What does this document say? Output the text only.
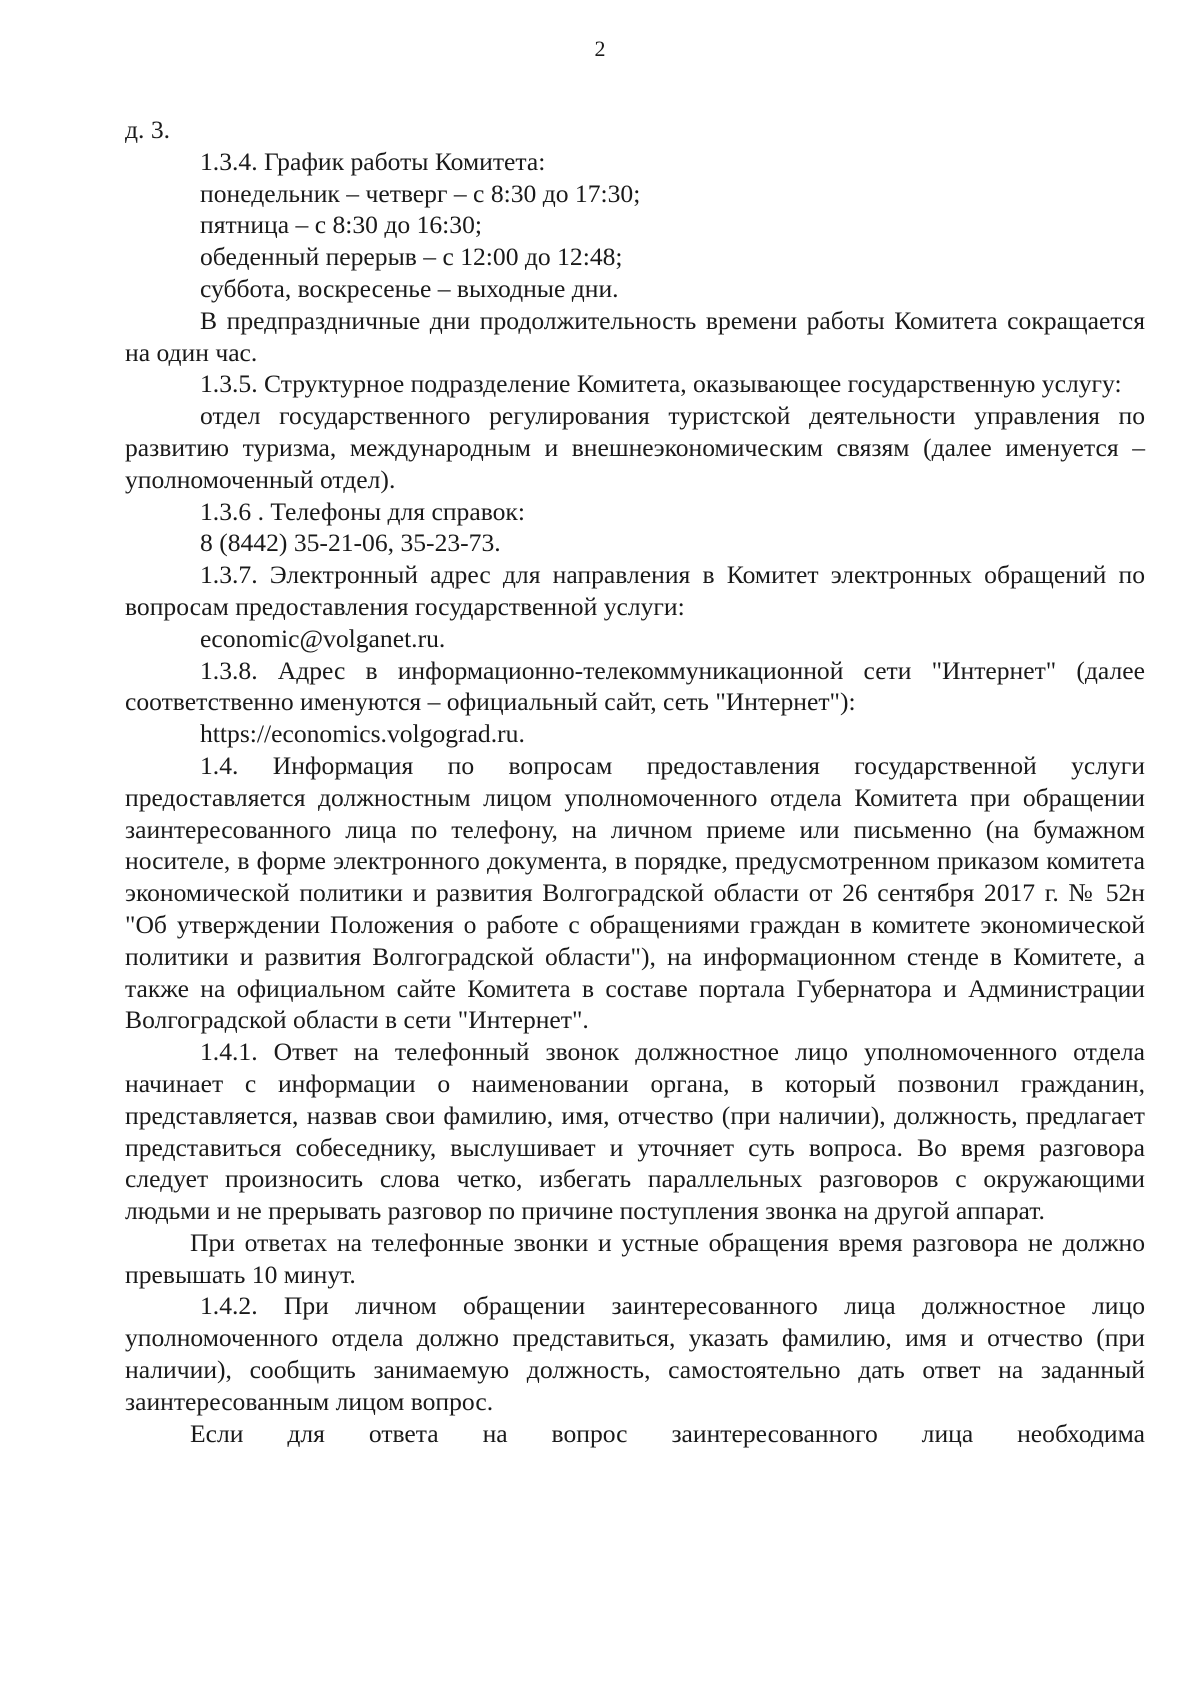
2

д. 3.

1.3.4. График работы Комитета:

понедельник – четверг – с 8:30 до 17:30;

пятница – с 8:30 до 16:30;

обеденный перерыв – с 12:00 до 12:48;

суббота, воскресенье – выходные дни.

В предпраздничные дни продолжительность времени работы Комитета сокращается на один час.

1.3.5. Структурное подразделение Комитета, оказывающее государственную услугу:

отдел государственного регулирования туристской деятельности управления по развитию туризма, международным и внешнеэкономическим связям (далее именуется – уполномоченный отдел).

1.3.6 . Телефоны для справок:

8 (8442) 35-21-06, 35-23-73.

1.3.7. Электронный адрес для направления в Комитет электронных обращений по вопросам предоставления государственной услуги:

economic@volganet.ru.

1.3.8. Адрес в информационно-телекоммуникационной сети "Интернет" (далее соответственно именуются – официальный сайт, сеть "Интернет"):

https://economics.volgograd.ru.

1.4. Информация по вопросам предоставления государственной услуги предоставляется должностным лицом уполномоченного отдела Комитета при обращении заинтересованного лица по телефону, на личном приеме или письменно (на бумажном носителе, в форме электронного документа, в порядке, предусмотренном приказом комитета экономической политики и развития Волгоградской области от 26 сентября 2017 г. № 52н "Об утверждении Положения о работе с обращениями граждан в комитете экономической политики и развития Волгоградской области"), на информационном стенде в Комитете, а также на официальном сайте Комитета в составе портала Губернатора и Администрации Волгоградской области в сети "Интернет".

1.4.1. Ответ на телефонный звонок должностное лицо уполномоченного отдела начинает с информации о наименовании органа, в который позвонил гражданин, представляется, назвав свои фамилию, имя, отчество (при наличии), должность, предлагает представиться собеседнику, выслушивает и уточняет суть вопроса. Во время разговора следует произносить слова четко, избегать параллельных разговоров с окружающими людьми и не прерывать разговор по причине поступления звонка на другой аппарат.

При ответах на телефонные звонки и устные обращения время разговора не должно превышать 10 минут.

1.4.2. При личном обращении заинтересованного лица должностное лицо уполномоченного отдела должно представиться, указать фамилию, имя и отчество (при наличии), сообщить занимаемую должность, самостоятельно дать ответ на заданный заинтересованным лицом вопрос.

Если для ответа на вопрос заинтересованного лица необходима
